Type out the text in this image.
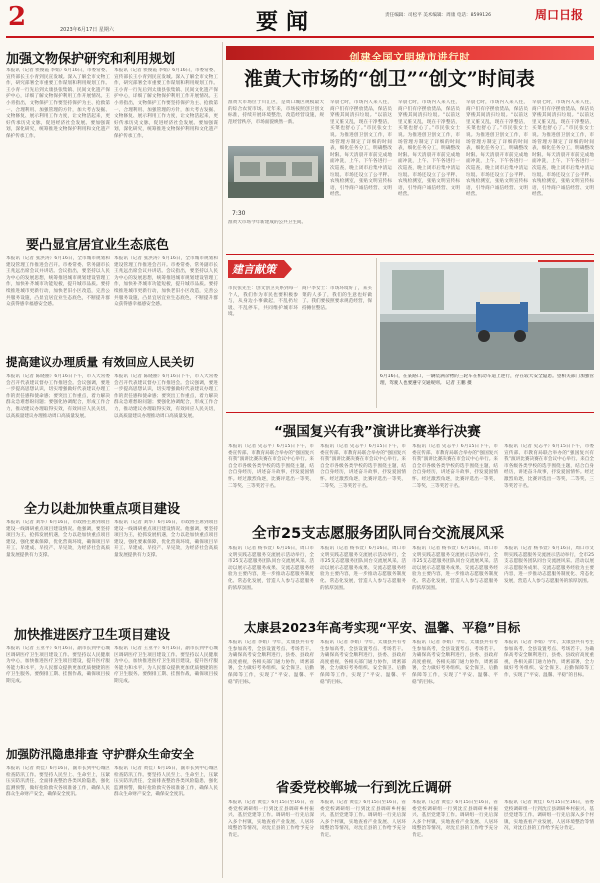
2	2023年6月17日 星期六	要闻	责任编辑：司松平 美术编辑：周康 电话：8599126	周口日报
加强文物保护研究和利用规划
本报讯（记者 侯俊霞 李娟）6月16日，市委常委、宣传部长王小青到民宣发城。深入了解全市文物工作，研究部署全市重要工作谋划和利用规划工作。王小青一行先后到太康县张集镇、民间文化遗产保护中心，详细了解文物保护利用工作开展情况。王小青指出，文物保护工作要坚持保护为主、抢救第一、合理利用、加强管理的方针，加大考古发掘、文物修复、展示利用工作力度，让文物活起来，更好传承历史文脉，促进经济社会发展。要加强谋划，深化研究，统筹推进文物保护利用和文化遗产保护传承工作。
本报讯（记者 侯俊霞 李娟）6月16日，市委常委、宣传部长王小青到民宣发城。深入了解全市文物工作，研究部署全市重要工作谋划和利用规划工作。王小青一行先后到太康县张集镇、民间文化遗产保护中心，详细了解文物保护利用工作开展情况。王小青指出，文物保护工作要坚持保护为主、抢救第一、合理利用、加强管理的方针，加大考古发掘、文物修复、展示利用工作力度，让文物活起来，更好传承历史文脉，促进经济社会发展。要加强谋划，深化研究，统筹推进文物保护利用和文化遗产保护传承工作。
要凸显宜居宜业生态底色
本报讯（记者 张洪涛）6月16日，全市城市规划和建设管理工作推进会召开。市委常委、常务副市长王兆远出席会议并讲话。会议指出，要坚持以人民为中心的发展思想，统筹推进城市规划建设管理工作，加快补齐城市功能短板，提升城市品质。要持续推进城市更新行动，加快老旧小区改造，完善公共服务设施，凸显宜居宜业生态底色，不断提升群众获得感幸福感安全感。
本报讯（记者 张洪涛）6月16日，全市城市规划和建设管理工作推进会召开。市委常委、常务副市长王兆远出席会议并讲话。会议指出，要坚持以人民为中心的发展思想，统筹推进城市规划建设管理工作，加快补齐城市功能短板，提升城市品质。要持续推进城市更新行动，加快老旧小区改造，完善公共服务设施，凸显宜居宜业生态底色，不断提升群众获得感幸福感安全感。
提高建议办理质量 有效回应人民关切
本报讯（记者 陈晓丽）6月16日下午，市人大常委会召开代表建议督办工作推进会。会议强调，要进一步提高思想认识，切实增强做好代表建议办理工作的责任感和使命感；要突出工作重点，着力解决群众急难愁盼问题；要强化协调配合，形成工作合力，推动建议办理取得实效，有效回应人民关切，以高质量建议办理推动周口高质量发展。
本报讯（记者 陈晓丽）6月16日下午，市人大常委会召开代表建议督办工作推进会。会议强调，要进一步提高思想认识，切实增强做好代表建议办理工作的责任感和使命感；要突出工作重点，着力解决群众急难愁盼问题；要强化协调配合，形成工作合力，推动建议办理取得实效，有效回应人民关切，以高质量建议办理推动周口高质量发展。
全力以赴加快重点项目建设
本报讯（记者 刘华）6月16日，市政协主席到项目建设一线调研重点项目建设情况。他强调，要坚持项目为王，抢抓发展机遇，全力以赴加快重点项目建设，强化要素保障，优化营商环境，确保项目早开工、早建成、早投产、早见效，为经济社会高质量发展提供有力支撑。
本报讯（记者 刘华）6月16日，市政协主席到项目建设一线调研重点项目建设情况。他强调，要坚持项目为王，抢抓发展机遇，全力以赴加快重点项目建设，强化要素保障，优化营商环境，确保项目早开工、早建成、早投产、早见效，为经济社会高质量发展提供有力支撑。
加快推进医疗卫生项目建设
本报讯（记者 王亚平）6月16日，副市长到中心城区调研医疗卫生项目建设工作。要坚持以人民健康为中心，加快推进医疗卫生项目建设，提升医疗服务能力和水平，为人民群众提供更加优质便捷的医疗卫生服务。要倒排工期、挂图作战，确保项目按期完成。
本报讯（记者 王亚平）6月16日，副市长到中心城区调研医疗卫生项目建设工作。要坚持以人民健康为中心，加快推进医疗卫生项目建设，提升医疗服务能力和水平，为人民群众提供更加优质便捷的医疗卫生服务。要倒排工期、挂图作战，确保项目按期完成。
加强防汛隐患排查 守护群众生命安全
本报讯（记者 黄佳）6月16日，副市长到中心城区检查防汛工作。要坚持人民至上、生命至上，压紧压实防汛责任，全面排查整治各类风险隐患，强化监测预警，做好抢险救灾各项准备工作，确保人民群众生命财产安全，确保安全度汛。
本报讯（记者 黄佳）6月16日，副市长到中心城区检查防汛工作。要坚持人民至上、生命至上，压紧压实防汛责任，全面排查整治各类风险隐患，强化监测预警，做好抢险救灾各项准备工作，确保人民群众生命财产安全，确保安全度汛。
创建全国文明城市进行时
淮黄大市场的“创卫”“创文”时间表
淮黄大市场位于川汇区，是周口城区规模最大的综合农贸市场。近年来，市场按照创卫创文标准，持续开展环境整治，改造经营设施，规范经营秩序，市场面貌焕然一新。
7:30
淮黄大市场今年新建成的公共卫生间。
早晨七时，市场内人来人往，商户们有序摆放货品，保洁员穿梭其间清扫垃圾。“以前这里又脏又乱，现在干净整洁，买菜也舒心了。”市民张女士说。为推进创卫创文工作，市场管理方制定了详细的时间表，细化任务分工，明确整改时限。每天清晨开市前完成地面冲洗，上午、下午各进行一次巡查，晚上闭市后集中清运垃圾。市场还设立了公平秤、农残检测室，张贴文明宣传标语，引导商户诚信经营、文明经营。
早晨七时，市场内人来人往，商户们有序摆放货品，保洁员穿梭其间清扫垃圾。“以前这里又脏又乱，现在干净整洁，买菜也舒心了。”市民张女士说。为推进创卫创文工作，市场管理方制定了详细的时间表，细化任务分工，明确整改时限。每天清晨开市前完成地面冲洗，上午、下午各进行一次巡查，晚上闭市后集中清运垃圾。市场还设立了公平秤、农残检测室，张贴文明宣传标语，引导商户诚信经营、文明经营。
早晨七时，市场内人来人往，商户们有序摆放货品，保洁员穿梭其间清扫垃圾。“以前这里又脏又乱，现在干净整洁，买菜也舒心了。”市民张女士说。为推进创卫创文工作，市场管理方制定了详细的时间表，细化任务分工，明确整改时限。每天清晨开市前完成地面冲洗，上午、下午各进行一次巡查，晚上闭市后集中清运垃圾。市场还设立了公平秤、农残检测室，张贴文明宣传标语，引导商户诚信经营、文明经营。
早晨七时，市场内人来人往，商户们有序摆放货品，保洁员穿梭其间清扫垃圾。“以前这里又脏又乱，现在干净整洁，买菜也舒心了。”市民张女士说。为推进创卫创文工作，市场管理方制定了详细的时间表，细化任务分工，明确整改时限。每天清晨开市前完成地面冲洗，上午、下午各进行一次巡查，晚上闭市后集中清运垃圾。市场还设立了公平秤、农残检测室，张贴文明宣传标语，引导商户诚信经营、文明经营。
建言献策
市民张先生：创文创卫关系到每一个人，我们作为市民也要积极参与，从身边小事做起，不乱扔垃圾、不乱停车，共同维护城市环境。
商户李女士：市场环境好了，来买菜的人多了，我们的生意也好做了。我们要按照要求规范经营，保持摊位整洁。
6月16日，在某路口，一辆装满杂物的三轮车在机动车道上逆行，存在较大安全隐患。望相关部门加强管理，驾驶人也要遵守交通规则。 记者 王鹏 摄
“强国复兴有我”演讲比赛举行决赛
本报讯（记者 史志平）6月15日下午，市委宣传部、市教育局联合举办的“强国复兴有我”演讲比赛决赛在市会议中心举行。来自全市各级各类学校的选手围绕主题，结合自身经历，讲述奋斗故事，抒发爱国情怀。经过激烈角逐，比赛评选出一等奖、二等奖、三等奖若干名。
本报讯（记者 史志平）6月15日下午，市委宣传部、市教育局联合举办的“强国复兴有我”演讲比赛决赛在市会议中心举行。来自全市各级各类学校的选手围绕主题，结合自身经历，讲述奋斗故事，抒发爱国情怀。经过激烈角逐，比赛评选出一等奖、二等奖、三等奖若干名。
本报讯（记者 史志平）6月15日下午，市委宣传部、市教育局联合举办的“强国复兴有我”演讲比赛决赛在市会议中心举行。来自全市各级各类学校的选手围绕主题，结合自身经历，讲述奋斗故事，抒发爱国情怀。经过激烈角逐，比赛评选出一等奖、二等奖、三等奖若干名。
本报讯（记者 史志平）6月15日下午，市委宣传部、市教育局联合举办的“强国复兴有我”演讲比赛决赛在市会议中心举行。来自全市各级各类学校的选手围绕主题，结合自身经历，讲述奋斗故事，抒发爱国情怀。经过激烈角逐，比赛评选出一等奖、二等奖、三等奖若干名。
全市25支志愿服务团队同台交流展风采
本报讯（记者 杨书萱）6月16日，周口市文明实践志愿服务交流展示活动举行，全市25支志愿服务团队同台交流展风采。活动以展示志愿服务成果、交流志愿服务经验为主要内容，进一步推动志愿服务制度化、常态化发展，营造人人参与志愿服务的浓厚氛围。
本报讯（记者 杨书萱）6月16日，周口市文明实践志愿服务交流展示活动举行，全市25支志愿服务团队同台交流展风采。活动以展示志愿服务成果、交流志愿服务经验为主要内容，进一步推动志愿服务制度化、常态化发展，营造人人参与志愿服务的浓厚氛围。
本报讯（记者 杨书萱）6月16日，周口市文明实践志愿服务交流展示活动举行，全市25支志愿服务团队同台交流展风采。活动以展示志愿服务成果、交流志愿服务经验为主要内容，进一步推动志愿服务制度化、常态化发展，营造人人参与志愿服务的浓厚氛围。
本报讯（记者 杨书萱）6月16日，周口市文明实践志愿服务交流展示活动举行，全市25支志愿服务团队同台交流展风采。活动以展示志愿服务成果、交流志愿服务经验为主要内容，进一步推动志愿服务制度化、常态化发展，营造人人参与志愿服务的浓厚氛围。
太康县2023年高考实现“平安、温馨、平稳”目标
本报讯（记者 李娟）今年，太康县共有考生参加高考，全县设置考点、考场若干。为确保高考安全顺利进行，县委、县政府高度重视，各相关部门通力协作，周密部署，全力做好考务组织、安全保卫、后勤保障等工作，实现了“平安、温馨、平稳”的目标。
本报讯（记者 李娟）今年，太康县共有考生参加高考，全县设置考点、考场若干。为确保高考安全顺利进行，县委、县政府高度重视，各相关部门通力协作，周密部署，全力做好考务组织、安全保卫、后勤保障等工作，实现了“平安、温馨、平稳”的目标。
本报讯（记者 李娟）今年，太康县共有考生参加高考，全县设置考点、考场若干。为确保高考安全顺利进行，县委、县政府高度重视，各相关部门通力协作，周密部署，全力做好考务组织、安全保卫、后勤保障等工作，实现了“平安、温馨、平稳”的目标。
本报讯（记者 李娟）今年，太康县共有考生参加高考，全县设置考点、考场若干。为确保高考安全顺利进行，县委、县政府高度重视，各相关部门通力协作，周密部署，全力做好考务组织、安全保卫、后勤保障等工作，实现了“平安、温馨、平稳”的目标。
省委党校郸城一行到沈丘调研
本报讯（记者 黄佳）6月15日至16日，省委党校调研组一行到沈丘县调研乡村振兴、基层党建等工作。调研组一行先后深入多个村镇，实地查看产业发展、人居环境整治等情况，对沈丘县的工作给予充分肯定。
本报讯（记者 黄佳）6月15日至16日，省委党校调研组一行到沈丘县调研乡村振兴、基层党建等工作。调研组一行先后深入多个村镇，实地查看产业发展、人居环境整治等情况，对沈丘县的工作给予充分肯定。
本报讯（记者 黄佳）6月15日至16日，省委党校调研组一行到沈丘县调研乡村振兴、基层党建等工作。调研组一行先后深入多个村镇，实地查看产业发展、人居环境整治等情况，对沈丘县的工作给予充分肯定。
本报讯（记者 黄佳）6月15日至16日，省委党校调研组一行到沈丘县调研乡村振兴、基层党建等工作。调研组一行先后深入多个村镇，实地查看产业发展、人居环境整治等情况，对沈丘县的工作给予充分肯定。
